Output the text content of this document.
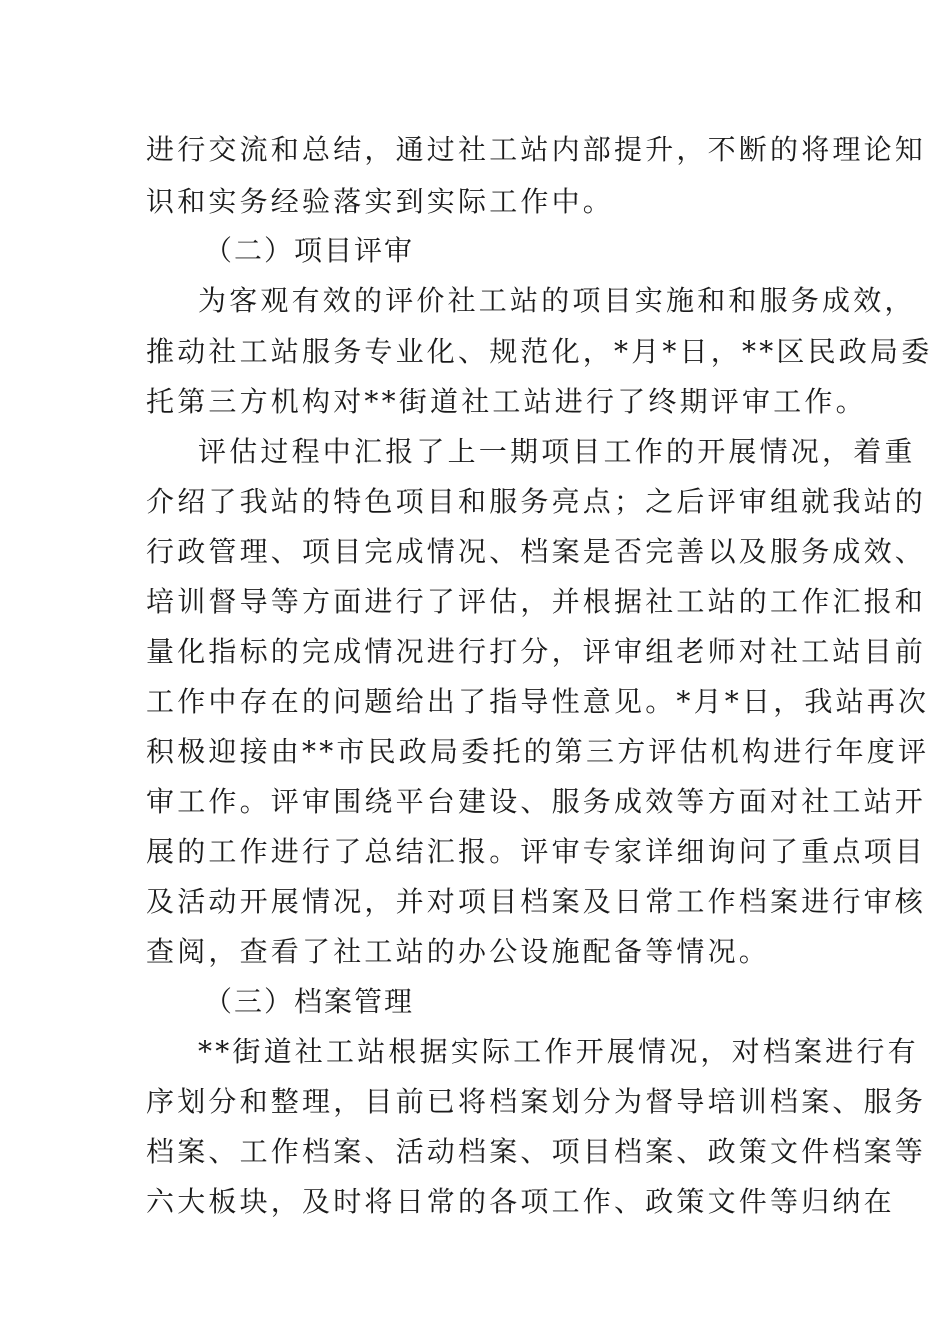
进行交流和总结，通过社工站内部提升，不断的将理论知
识和实务经验落实到实际工作中。
（二）项目评审
为客观有效的评价社工站的项目实施和和服务成效，
推动社工站服务专业化、规范化，*月*日，**区民政局委
托第三方机构对**街道社工站进行了终期评审工作。
评估过程中汇报了上一期项目工作的开展情况，着重
介绍了我站的特色项目和服务亮点；之后评审组就我站的
行政管理、项目完成情况、档案是否完善以及服务成效、
培训督导等方面进行了评估，并根据社工站的工作汇报和
量化指标的完成情况进行打分，评审组老师对社工站目前
工作中存在的问题给出了指导性意见。*月*日，我站再次
积极迎接由**市民政局委托的第三方评估机构进行年度评
审工作。评审围绕平台建设、服务成效等方面对社工站开
展的工作进行了总结汇报。评审专家详细询问了重点项目
及活动开展情况，并对项目档案及日常工作档案进行审核
查阅，查看了社工站的办公设施配备等情况。
（三）档案管理
**街道社工站根据实际工作开展情况，对档案进行有
序划分和整理，目前已将档案划分为督导培训档案、服务
档案、工作档案、活动档案、项目档案、政策文件档案等
六大板块，及时将日常的各项工作、政策文件等归纳在
